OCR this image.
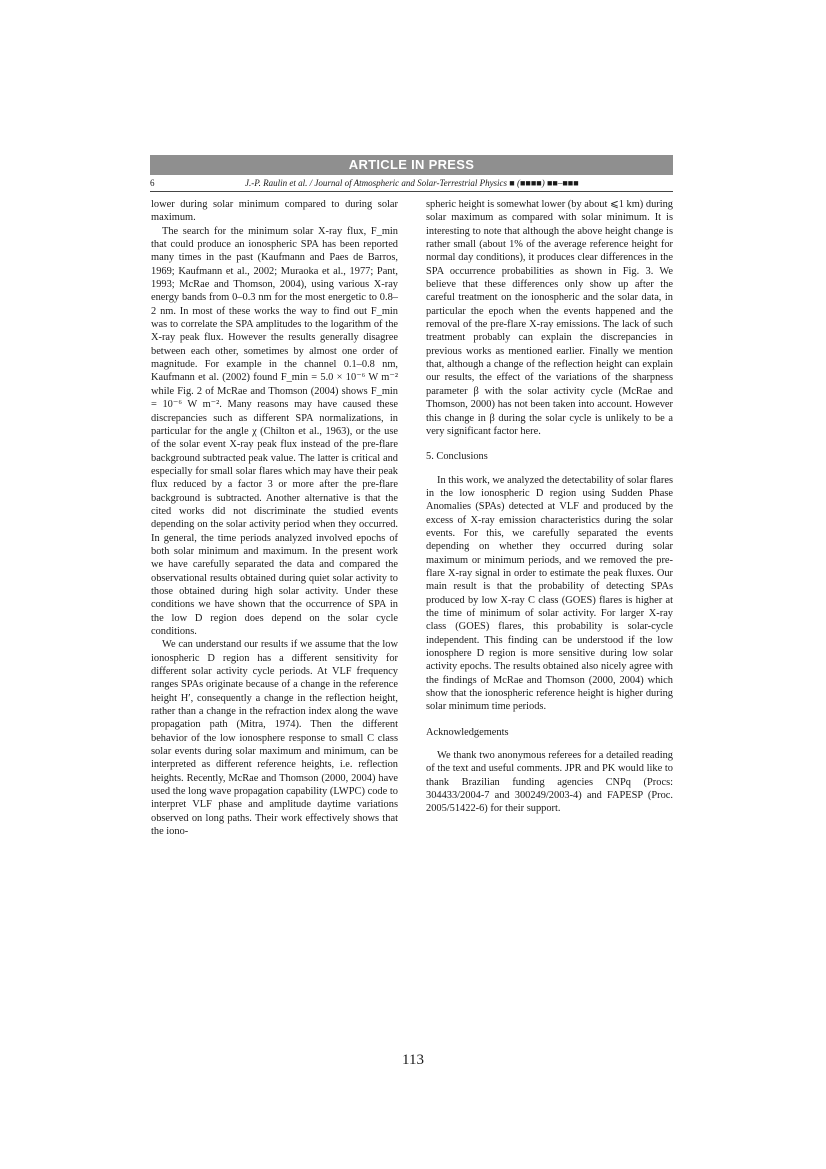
ARTICLE IN PRESS
6	J.-P. Raulin et al. / Journal of Atmospheric and Solar-Terrestrial Physics ■ (■■■■) ■■–■■■

lower during solar minimum compared to during solar maximum.

The search for the minimum solar X-ray flux, F_min that could produce an ionospheric SPA has been reported many times in the past (Kaufmann and Paes de Barros, 1969; Kaufmann et al., 2002; Muraoka et al., 1977; Pant, 1993; McRae and Thomson, 2004), using various X-ray energy bands from 0–0.3 nm for the most energetic to 0.8–2 nm. In most of these works the way to find out F_min was to correlate the SPA amplitudes to the logarithm of the X-ray peak flux. However the results generally disagree between each other, sometimes by almost one order of magnitude. For example in the channel 0.1–0.8 nm, Kaufmann et al. (2002) found F_min = 5.0 × 10⁻⁶ W m⁻² while Fig. 2 of McRae and Thomson (2004) shows F_min = 10⁻⁶ W m⁻². Many reasons may have caused these discrepancies such as different SPA normalizations, in particular for the angle χ (Chilton et al., 1963), or the use of the solar event X-ray peak flux instead of the pre-flare background subtracted peak value. The latter is critical and especially for small solar flares which may have their peak flux reduced by a factor 3 or more after the pre-flare background is subtracted. Another alternative is that the cited works did not discriminate the studied events depending on the solar activity period when they occurred. In general, the time periods analyzed involved epochs of both solar minimum and maximum. In the present work we have carefully separated the data and compared the observational results obtained during quiet solar activity to those obtained during high solar activity. Under these conditions we have shown that the occurrence of SPA in the low D region does depend on the solar cycle conditions.

We can understand our results if we assume that the low ionospheric D region has a different sensitivity for different solar activity cycle periods. At VLF frequency ranges SPAs originate because of a change in the reference height H′, consequently a change in the reflection height, rather than a change in the refraction index along the wave propagation path (Mitra, 1974). Then the different behavior of the low ionosphere response to small C class solar events during solar maximum and minimum, can be interpreted as different reference heights, i.e. reflection heights. Recently, McRae and Thomson (2000, 2004) have used the long wave propagation capability (LWPC) code to interpret VLF phase and amplitude daytime variations observed on long paths. Their work effectively shows that the iono-

spheric height is somewhat lower (by about ⩽1 km) during solar maximum as compared with solar minimum. It is interesting to note that although the above height change is rather small (about 1% of the average reference height for normal day conditions), it produces clear differences in the SPA occurrence probabilities as shown in Fig. 3. We believe that these differences only show up after the careful treatment on the ionospheric and the solar data, in particular the epoch when the events happened and the removal of the pre-flare X-ray emissions. The lack of such treatment probably can explain the discrepancies in previous works as mentioned earlier. Finally we mention that, although a change of the reflection height can explain our results, the effect of the variations of the sharpness parameter β with the solar activity cycle (McRae and Thomson, 2000) has not been taken into account. However this change in β during the solar cycle is unlikely to be a very significant factor here.

5. Conclusions

In this work, we analyzed the detectability of solar flares in the low ionospheric D region using Sudden Phase Anomalies (SPAs) detected at VLF and produced by the excess of X-ray emission characteristics during the solar events. For this, we carefully separated the events depending on whether they occurred during solar maximum or minimum periods, and we removed the pre-flare X-ray signal in order to estimate the peak fluxes. Our main result is that the probability of detecting SPAs produced by low X-ray C class (GOES) flares is higher at the time of minimum of solar activity. For larger X-ray class (GOES) flares, this probability is solar-cycle independent. This finding can be understood if the low ionosphere D region is more sensitive during low solar activity epochs. The results obtained also nicely agree with the findings of McRae and Thomson (2000, 2004) which show that the ionospheric reference height is higher during solar minimum time periods.

Acknowledgements

We thank two anonymous referees for a detailed reading of the text and useful comments. JPR and PK would like to thank Brazilian funding agencies CNPq (Procs: 304433/2004-7 and 300249/2003-4) and FAPESP (Proc. 2005/51422-6) for their support.

113
